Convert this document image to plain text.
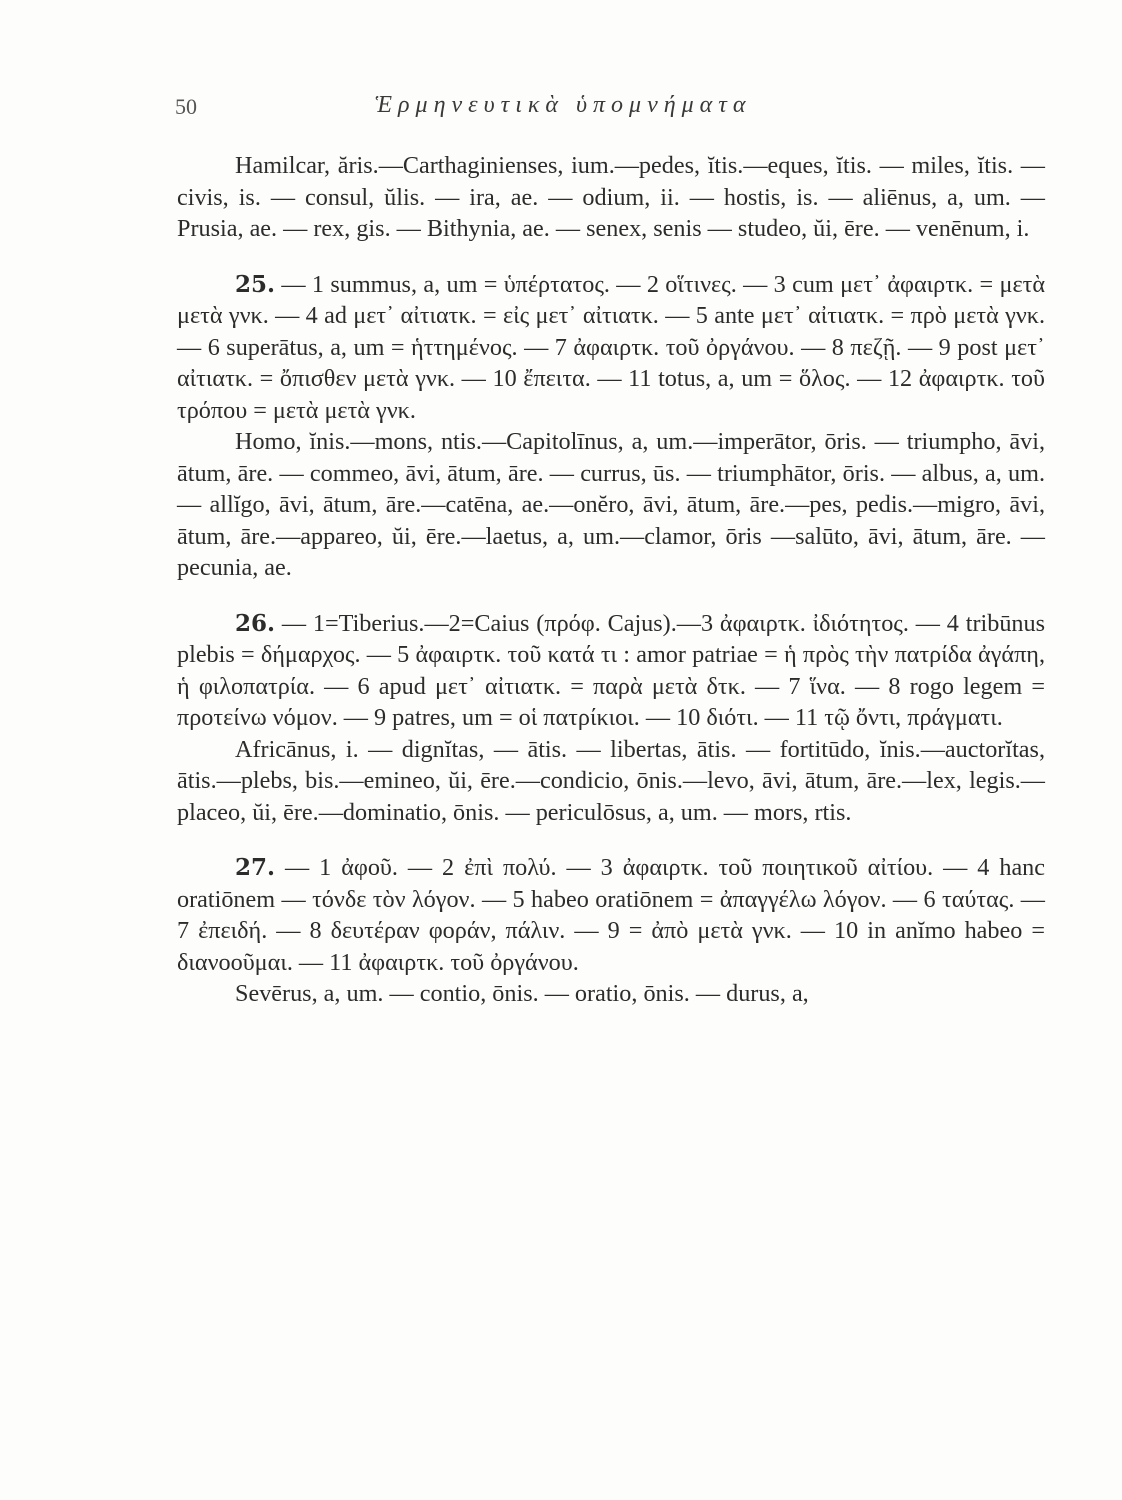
50	Ἑρμηνευτικὰ ὑπομνήματα

Hamilcar, ăris.—Carthaginienses, ium.—pedes, ĭtis.—eques, ĭtis. — miles, ĭtis. — civis, is. — consul, ŭlis. — ira, ae. — odium, ii. — hostis, is. — aliēnus, a, um. — Prusia, ae. — rex, gis. — Bithynia, ae. — senex, senis — studeo, ŭi, ēre. — venēnum, i.

25. — 1 summus, a, um = ὑπέρτατος. — 2 οἵτινες. — 3 cum μετ᾽ ἀφαιρτκ. = μετὰ μετὰ γνκ. — 4 ad μετ᾽ αἰτιατκ. = εἰς μετ᾽ αἰτιατκ. — 5 ante μετ᾽ αἰτιατκ. = πρὸ μετὰ γνκ. — 6 superātus, a, um = ἡττημένος. — 7 ἀφαιρτκ. τοῦ ὀργάνου. — 8 πεζῇ. — 9 post μετ᾽ αἰτιατκ. = ὄπισθεν μετὰ γνκ. — 10 ἔπειτα. — 11 totus, a, um = ὅλος. — 12 ἀφαιρτκ. τοῦ τρόπου = μετὰ μετὰ γνκ.

Homo, ĭnis.—mons, ntis.—Capitolīnus, a, um.—imperātor, ōris. — triumpho, āvi, ātum, āre. — commeo, āvi, ātum, āre. — currus, ūs. — triumphātor, ōris. — albus, a, um. — allĭgo, āvi, ātum, āre.—catēna, ae.—onĕro, āvi, ātum, āre.—pes, pedis.—migro, āvi, ātum, āre.—appareo, ŭi, ēre.—laetus, a, um.—clamor, ōris —salūto, āvi, ātum, āre. — pecunia, ae.

26. — 1=Tiberius.—2=Caius (πρόφ. Cajus).—3 ἀφαιρτκ. ἰδιότητος. — 4 tribūnus plebis = δήμαρχος. — 5 ἀφαιρτκ. τοῦ κατά τι : amor patriae = ἡ πρὸς τὴν πατρίδα ἀγάπη, ἡ φιλοπατρία. — 6 apud μετ᾽ αἰτιατκ. = παρὰ μετὰ δτκ. — 7 ἵνα. — 8 rogo legem = προτείνω νόμον. — 9 patres, um = οἱ πατρίκιοι. — 10 διότι. — 11 τῷ ὄντι, πράγματι.

Africānus, i. — dignĭtas, — ātis. — libertas, ātis. — fortitūdo, ĭnis.—auctorĭtas, ātis.—plebs, bis.—emineo, ŭi, ēre.—condicio, ōnis.—levo, āvi, ātum, āre.—lex, legis.—placeo, ŭi, ēre.—dominatio, ōnis. — periculōsus, a, um. — mors, rtis.

27. — 1 ἀφοῦ. — 2 ἐπὶ πολύ. — 3 ἀφαιρτκ. τοῦ ποιητικοῦ αἰτίου. — 4 hanc oratiōnem — τόνδε τὸν λόγον. — 5 habeo oratiōnem = ἀπαγγέλω λόγον. — 6 ταύτας. — 7 ἐπειδή. — 8 δευτέραν φοράν, πάλιν. — 9 = ἀπὸ μετὰ γνκ. — 10 in anĭmo habeo = διανοοῦμαι. — 11 ἀφαιρτκ. τοῦ ὀργάνου.

Sevērus, a, um. — contio, ōnis. — oratio, ōnis. — durus, a,
